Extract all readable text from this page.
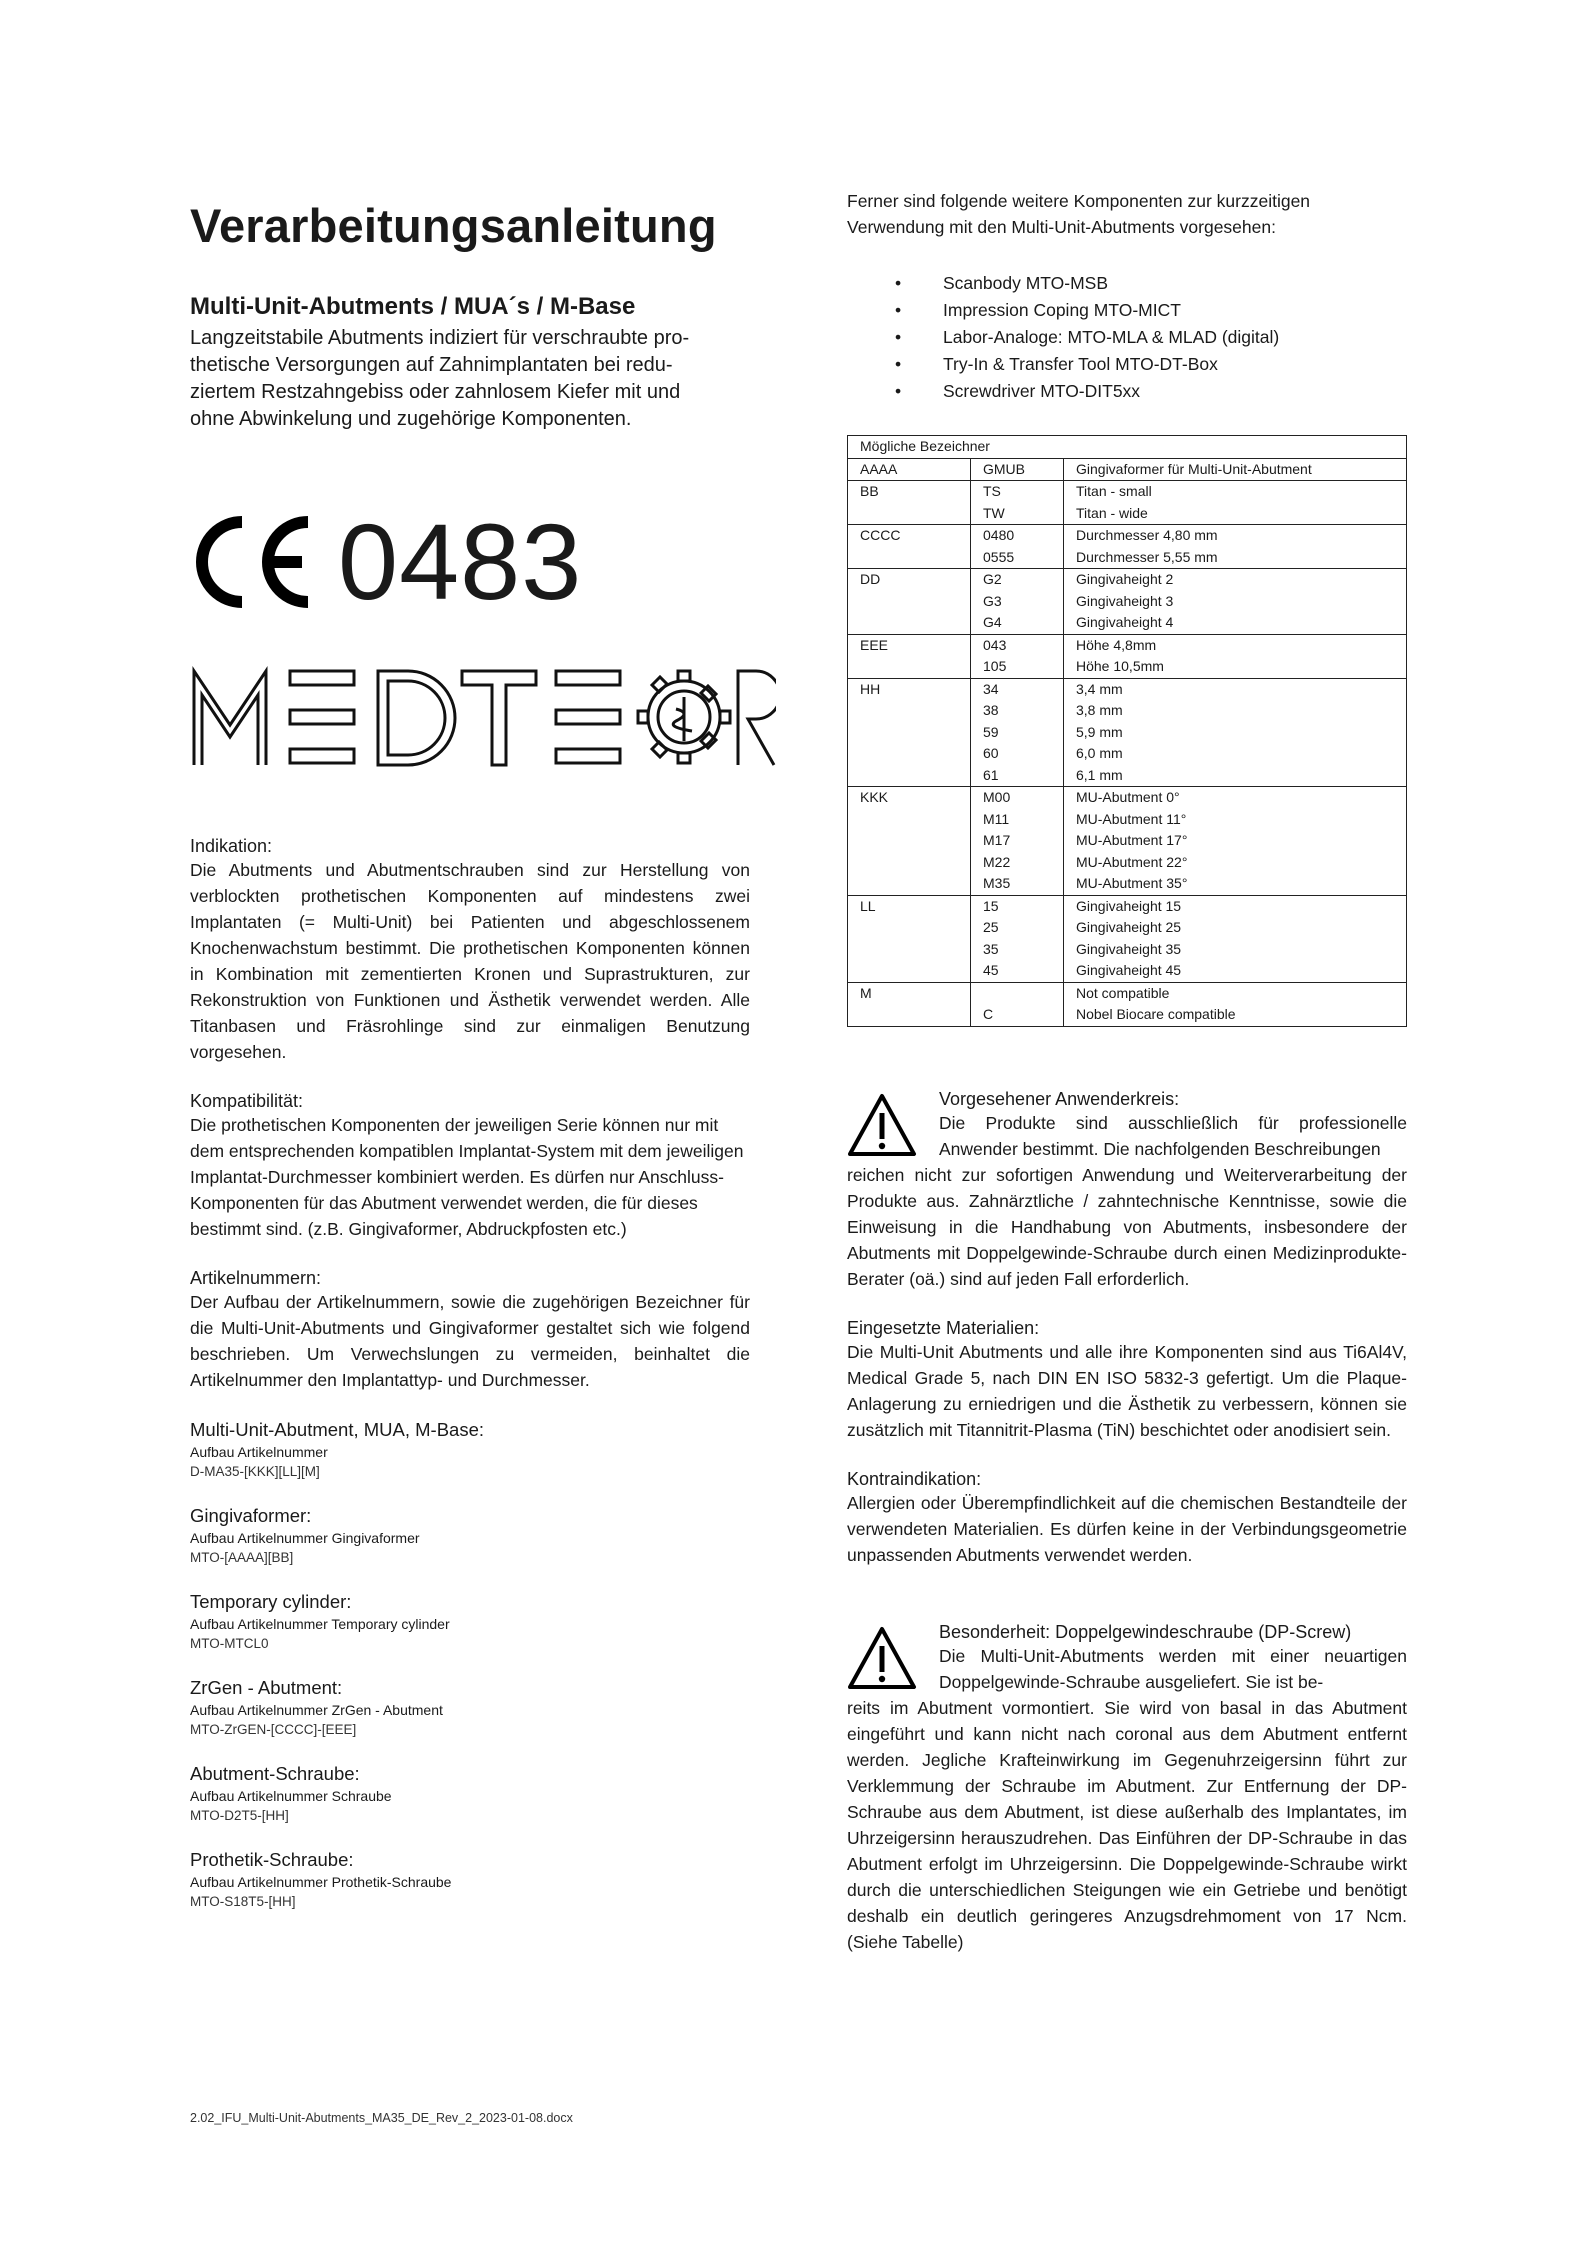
Verarbeitungsanleitung
Multi-Unit-Abutments / MUA´s / M-Base
Langzeitstabile Abutments indiziert für verschraubte pro-
thetische Versorgungen auf Zahnimplantaten bei redu-
ziertem Restzahngebiss oder zahnlosem Kiefer mit und
ohne Abwinkelung und zugehörige Komponenten.
0483
Indikation:

Die Abutments und Abutmentschrauben sind zur Herstellung von verblockten prothetischen Komponenten auf mindestens zwei Implantaten (= Multi-Unit) bei Patienten und abgeschlossenem Knochenwachstum bestimmt. Die prothetischen Komponenten können in Kombination mit zementierten Kronen und Suprastrukturen, zur Rekonstruktion von Funktionen und Ästhetik verwendet werden. Alle Titanbasen und Fräsrohlinge sind zur einmaligen Benutzung vorgesehen.

Kompatibilität:

Die prothetischen Komponenten der jeweiligen Serie können nur mit dem entsprechenden kompatiblen Implantat-System mit dem jeweiligen Implantat-Durchmesser kombiniert werden. Es dürfen nur Anschluss-Komponenten für das Abutment verwendet werden, die für dieses bestimmt sind. (z.B. Gingivaformer, Abdruckpfosten etc.)

Artikelnummern:

Der Aufbau der Artikelnummern, sowie die zugehörigen Bezeichner für die Multi-Unit-Abutments und Gingivaformer gestaltet sich wie folgend beschrieben. Um Verwechslungen zu vermeiden, beinhaltet die Artikelnummer den Implantattyp- und Durchmesser.

Multi-Unit-Abutment, MUA, M-Base:
Aufbau Artikelnummer
D-MA35-[KKK][LL][M]
Gingivaformer:
Aufbau Artikelnummer Gingivaformer
MTO-[AAAA][BB]
Temporary cylinder:
Aufbau Artikelnummer Temporary cylinder
MTO-MTCL0
ZrGen - Abutment:
Aufbau Artikelnummer ZrGen - Abutment
MTO-ZrGEN-[CCCC]-[EEE]
Abutment-Schraube:
Aufbau Artikelnummer Schraube
MTO-D2T5-[HH]
Prothetik-Schraube:
Aufbau Artikelnummer Prothetik-Schraube
MTO-S18T5-[HH]
2.02_IFU_Multi-Unit-Abutments_MA35_DE_Rev_2_2023-01-08.docx

Ferner sind folgende weitere Komponenten zur kurzzeitigen Verwendung mit den Multi-Unit-Abutments vorgesehen:

• Scanbody MTO-MSB
• Impression Coping MTO-MICT
• Labor-Analoge: MTO-MLA & MLAD (digital)
• Try-In & Transfer Tool MTO-DT-Box
• Screwdriver MTO-DIT5xx
Mögliche Bezeichner		
AAAA	GMUB	Gingivaformer für Multi-Unit-Abutment
BB	TS	Titan - small
	TW	Titan - wide
CCCC	0480	Durchmesser 4,80 mm
	0555	Durchmesser 5,55 mm
DD	G2	Gingivaheight 2
	G3	Gingivaheight 3
	G4	Gingivaheight 4
EEE	043	Höhe 4,8mm
	105	Höhe 10,5mm
HH	34	3,4 mm
	38	3,8 mm
	59	5,9 mm
	60	6,0 mm
	61	6,1 mm
KKK	M00	MU-Abutment 0°
	M11	MU-Abutment 11°
	M17	MU-Abutment 17°
	M22	MU-Abutment 22°
	M35	MU-Abutment 35°
LL	15	Gingivaheight 15
	25	Gingivaheight 25
	35	Gingivaheight 35
	45	Gingivaheight 45
M		Not compatible
	C	Nobel Biocare compatible
Vorgesehener Anwenderkreis:

Die Produkte sind ausschließlich für professionelle Anwender bestimmt. Die nachfolgenden Beschreibungen

reichen nicht zur sofortigen Anwendung und Weiterverarbeitung der Produkte aus. Zahnärztliche / zahntechnische Kenntnisse, sowie die Einweisung in die Handhabung von Abutments, insbesondere der Abutments mit Doppelgewinde-Schraube durch einen Medizinprodukte-Berater (oä.) sind auf jeden Fall erforderlich.

Eingesetzte Materialien:

Die Multi-Unit Abutments und alle ihre Komponenten sind aus Ti6Al4V, Medical Grade 5, nach DIN EN ISO 5832-3 gefertigt. Um die Plaque-Anlagerung zu erniedrigen und die Ästhetik zu verbessern, können sie zusätzlich mit Titannitrit-Plasma (TiN) beschichtet oder anodisiert sein.

Kontraindikation:

Allergien oder Überempfindlichkeit auf die chemischen Bestandteile der verwendeten Materialien. Es dürfen keine in der Verbindungsgeometrie unpassenden Abutments verwendet werden.

Besonderheit: Doppelgewindeschraube (DP-Screw)

Die Multi-Unit-Abutments werden mit einer neuartigen Doppelgewinde-Schraube ausgeliefert. Sie ist be-

reits im Abutment vormontiert. Sie wird von basal in das Abutment eingeführt und kann nicht nach coronal aus dem Abutment entfernt werden. Jegliche Krafteinwirkung im Gegenuhrzeigersinn führt zur Verklemmung der Schraube im Abutment. Zur Entfernung der DP-Schraube aus dem Abutment, ist diese außerhalb des Implantates, im Uhrzeigersinn herauszudrehen. Das Einführen der DP-Schraube in das Abutment erfolgt im Uhrzeigersinn. Die Doppelgewinde-Schraube wirkt durch die unterschiedlichen Steigungen wie ein Getriebe und benötigt deshalb ein deutlich geringeres Anzugsdrehmoment von 17 Ncm. (Siehe Tabelle)
